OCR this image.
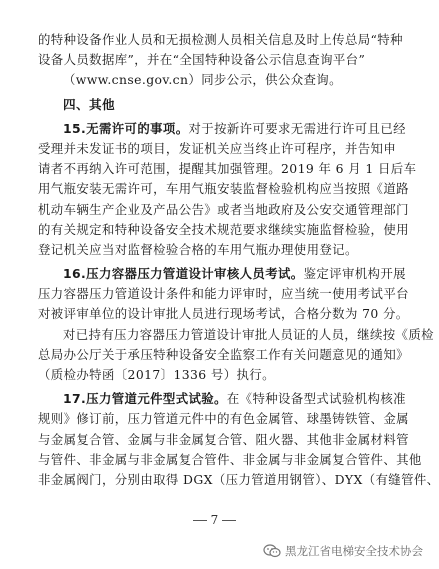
的特种设备作业人员和无损检测人员相关信息及时上传总局“特种
设备人员数据库”，并在“全国特种设备公示信息查询平台”
（www.cnse.gov.cn）同步公示，供公众查询。
四、其他
15.无需许可的事项。对于按新许可要求无需进行许可且已经
受理并未发证书的项目，发证机关应当终止许可程序，并告知申
请者不再纳入许可范围，提醒其加强管理。2019 年 6 月 1 日后车
用气瓶安装无需许可，车用气瓶安装监督检验机构应当按照《道路
机动车辆生产企业及产品公告》或者当地政府及公安交通管理部门
的有关规定和特种设备安全技术规范要求继续实施监督检验，使用
登记机关应当对监督检验合格的车用气瓶办理使用登记。
16.压力容器压力管道设计审核人员考试。鉴定评审机构开展
压力容器压力管道设计条件和能力评审时，应当统一使用考试平台
对被评审单位的设计审批人员进行现场考试，合格分数为 70 分。
对已持有压力容器压力管道设计审批人员证的人员，继续按《质检
总局办公厅关于承压特种设备安全监察工作有关问题意见的通知》
（质检办特函〔2017〕1336 号）执行。
17.压力管道元件型式试验。在《特种设备型式试验机构核准
规则》修订前，压力管道元件中的有色金属管、球墨铸铁管、金属
与金属复合管、金属与非金属复合管、阻火器、其他非金属材料管
与管件、非金属与非金属复合管件、非金属与非金属复合管件、其他
非金属阀门，分别由取得 DGX（压力管道用钢管）、DYX（有缝管件、
7
黑龙江省电梯安全技术协会
